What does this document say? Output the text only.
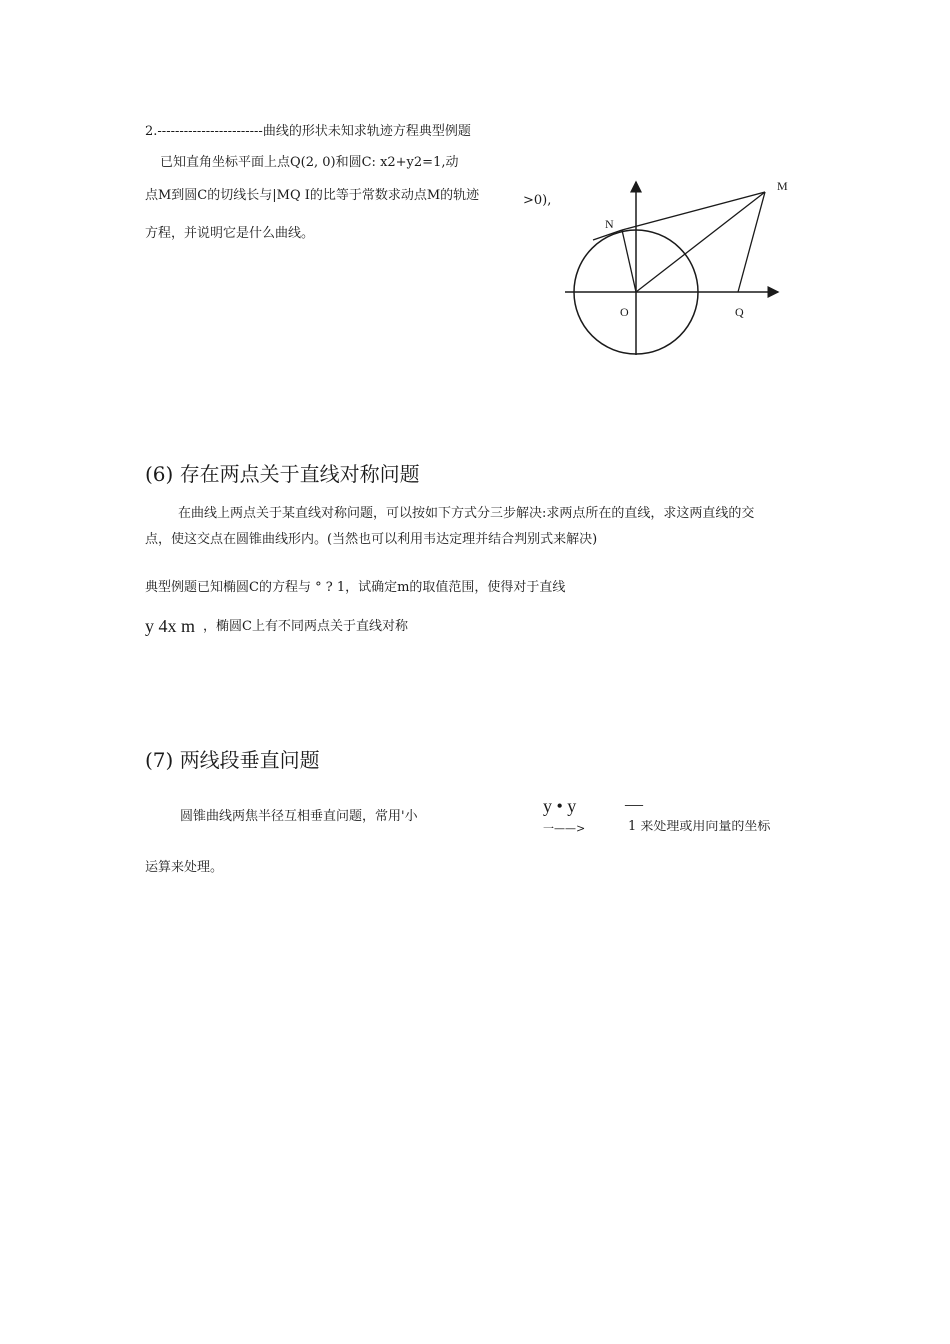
2.------------------------曲线的形状未知求轨迹方程典型例题
已知直角坐标平面上点Q(2, 0)和圆C: x2+y2=1,动
点M到圆C的切线长与|MQ I的比等于常数求动点M的轨迹	>0),
方程，并说明它是什么曲线。
M
N
O	Q
(6) 存在两点关于直线对称问题
在曲线上两点关于某直线对称问题，可以按如下方式分三步解决:求两点所在的直线，求这两直线的交
点，使这交点在圆锥曲线形内。(当然也可以利用韦达定理并结合判别式来解决)
典型例题已知椭圆C的方程与 ° ? 1，试确定m的取值范围，使得对于直线
y 4x m ，椭圆C上有不同两点关于直线对称
(7) 两线段垂直问题
圆锥曲线两焦半径互相垂直问题，常用'小
y • y	—
一——>	1 来处理或用向量的坐标
运算来处理。
